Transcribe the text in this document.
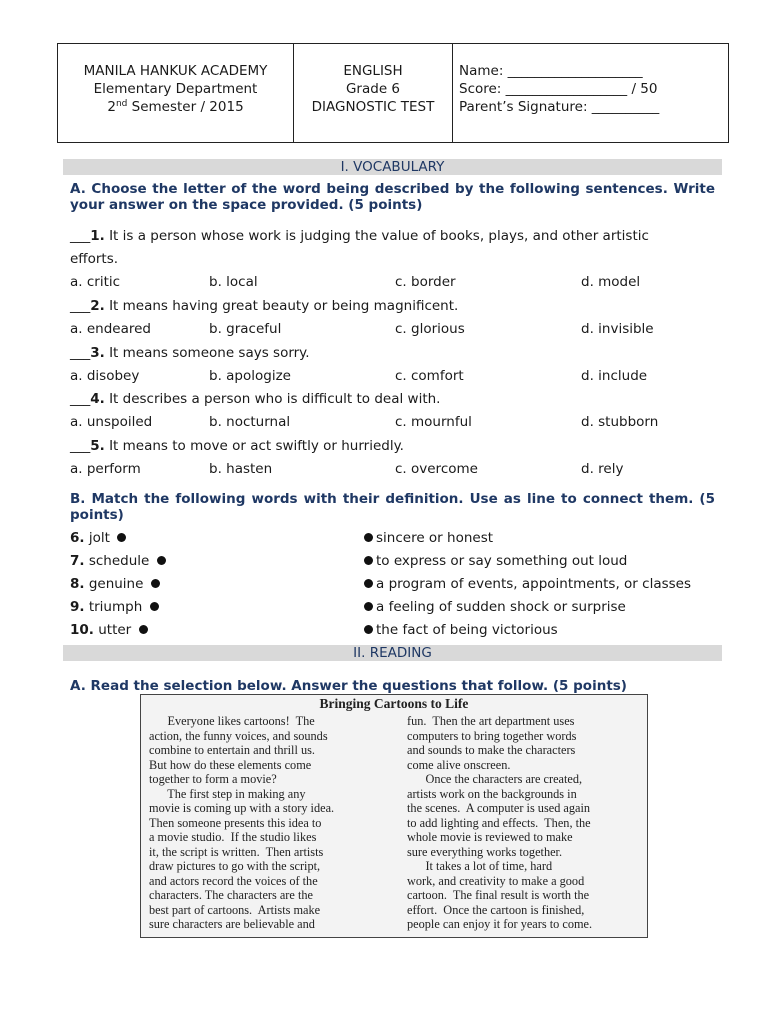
MANILA HANKUK ACADEMY
Elementary Department
2nd Semester / 2015
ENGLISH
Grade 6
DIAGNOSTIC TEST
Name: ____________________
Score: __________________ / 50
Parent’s Signature: __________
I. VOCABULARY
A. Choose the letter of the word being described by the following sentences. Write your answer on the space provided. (5 points)
___1. It is a person whose work is judging the value of books, plays, and other artistic
efforts.
a. critic	b. local	c. border	d. model
___2. It means having great beauty or being magnificent.
a. endeared	b. graceful	c. glorious	d. invisible
___3. It means someone says sorry.
a. disobey	b. apologize	c. comfort	d. include
___4. It describes a person who is difficult to deal with.
a. unspoiled	b. nocturnal	c. mournful	d. stubborn
___5. It means to move or act swiftly or hurriedly.
a. perform	b. hasten	c. overcome	d. rely
B. Match the following words with their definition. Use as line to connect them. (5 points)
6. jolt	sincere or honest
7. schedule	to express or say something out loud
8. genuine	a program of events, appointments, or classes
9. triumph	a feeling of sudden shock or surprise
10. utter	the fact of being victorious
II. READING
A. Read the selection below. Answer the questions that follow. (5 points)
Bringing Cartoons to Life
Everyone likes cartoons!  The
action, the funny voices, and sounds
combine to entertain and thrill us.
But how do these elements come
together to form a movie?
The first step in making any
movie is coming up with a story idea.
Then someone presents this idea to
a movie studio.  If the studio likes
it, the script is written.  Then artists
draw pictures to go with the script,
and actors record the voices of the
characters. The characters are the
best part of cartoons.  Artists make
sure characters are believable and
fun.  Then the art department uses
computers to bring together words
and sounds to make the characters
come alive onscreen.
Once the characters are created,
artists work on the backgrounds in
the scenes.  A computer is used again
to add lighting and effects.  Then, the
whole movie is reviewed to make
sure everything works together.
It takes a lot of time, hard
work, and creativity to make a good
cartoon.  The final result is worth the
effort.  Once the cartoon is finished,
people can enjoy it for years to come.
